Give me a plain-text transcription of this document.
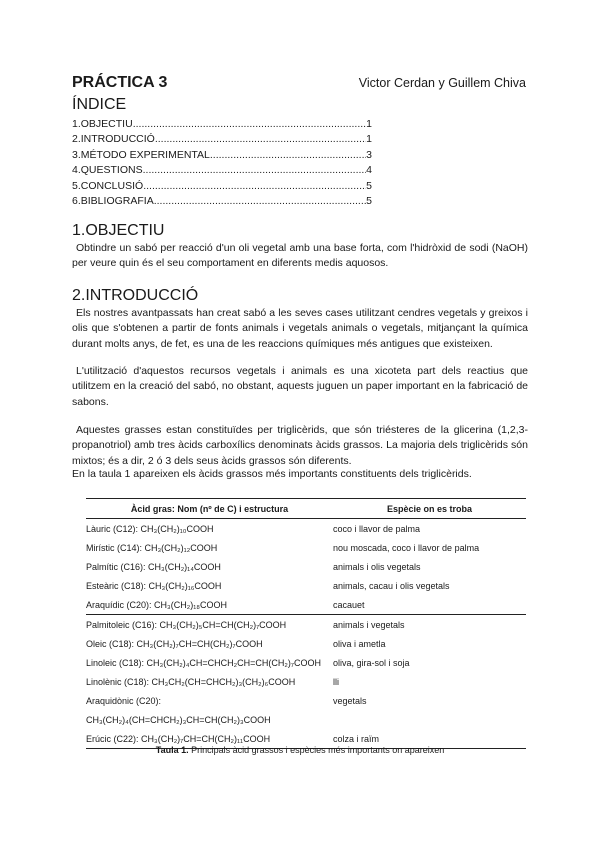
PRÁCTICA 3	Victor Cerdan y Guillem Chiva
ÍNDICE
1.OBJECTIU .....	1
2.INTRODUCCIÓ .....	1
3.MÉTODO EXPERIMENTAL .....	3
4.QUESTIONS .....	4
5.CONCLUSIÓ .....	5
6.BIBLIOGRAFIA .....	5
1.OBJECTIU
Obtindre un sabó per reacció d'un oli vegetal amb una base forta, com l'hidròxid de sodi (NaOH) per veure quin és el seu comportament en diferents medis aquosos.
2.INTRODUCCIÓ
Els nostres avantpassats han creat sabó a les seves cases utilitzant cendres vegetals y greixos i olis que s'obtenen a partir de fonts animals i vegetals animals o vegetals, mitjançant la química durant molts anys, de fet, es una de les reaccions químiques més antigues que existeixen.
L'utilització d'aquestos recursos vegetals i animals es una xicoteta part dels reactius que utilitzem en la creació del sabó, no obstant, aquests juguen un paper important en la fabricació de sabons.
Aquestes grasses estan constituïdes per triglicèrids, que són triésteres de la glicerina (1,2,3-propanotriol) amb tres àcids carboxílics denominats àcids grassos. La majoria dels triglicèrids són mixtos; és a dir, 2 ó 3 dels seus àcids grassos són diferents.
En la taula 1 apareixen els àcids grassos més importants constituents dels triglicèrids.
Àcid gras: Nom (nº de C) i estructura	Espècie on es troba
Làuric (C12): CH₃(CH₂)₁₀COOH	coco i llavor de palma
Mirístic (C14): CH₃(CH₂)₁₂COOH	nou moscada, coco i llavor de palma
Palmític (C16): CH₃(CH₂)₁₄COOH	animals i olis vegetals
Esteàric (C18): CH₃(CH₂)₁₆COOH	animals, cacau i olis vegetals
Araquídic (C20): CH₃(CH₂)₁₈COOH	cacauet
Palmitoleic (C16): CH₃(CH₂)₅CH=CH(CH₂)₇COOH	animals i vegetals
Oleic (C18): CH₃(CH₂)₇CH=CH(CH₂)₇COOH	oliva i ametla
Linoleic (C18): CH₃(CH₂)₄CH=CHCH₂CH=CH(CH₂)₇COOH	oliva, gira-sol i soja
Linolènic (C18): CH₃CH₂(CH=CHCH₂)₃(CH₂)₆COOH	lli
Araquidònic (C20):	vegetals
CH₃(CH₂)₄(CH=CHCH₂)₃CH=CH(CH₂)₃COOH	
Erúcic (C22): CH₃(CH₂)₇CH=CH(CH₂)₁₁COOH	colza i raïm
Taula 1. Principals àcid grassos i espècies més importants on apareixen
